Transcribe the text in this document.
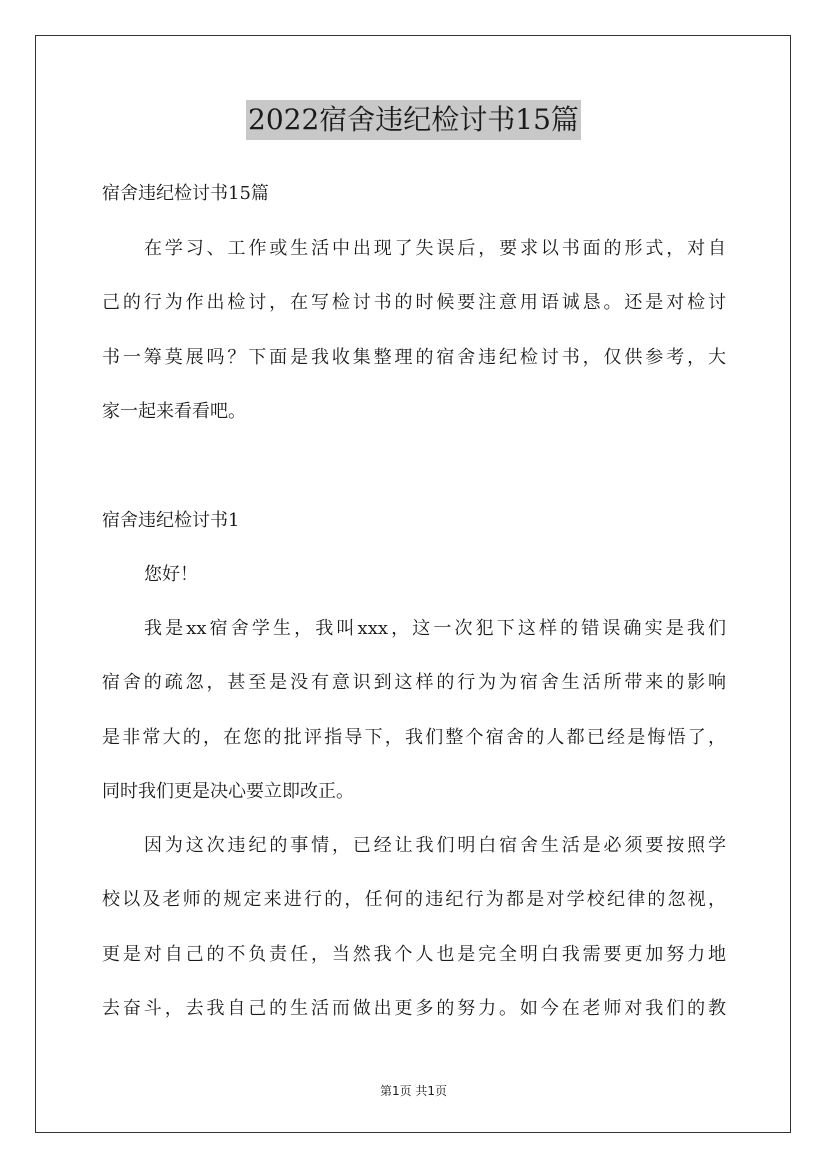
2022宿舍违纪检讨书15篇
宿舍违纪检讨书15篇
在学习、工作或生活中出现了失误后，要求以书面的形式，对自
己的行为作出检讨，在写检讨书的时候要注意用语诚恳。还是对检讨
书一筹莫展吗？下面是我收集整理的宿舍违纪检讨书，仅供参考，大
家一起来看看吧。
宿舍违纪检讨书1
您好！
我是xx宿舍学生，我叫xxx，这一次犯下这样的错误确实是我们
宿舍的疏忽，甚至是没有意识到这样的行为为宿舍生活所带来的影响
是非常大的，在您的批评指导下，我们整个宿舍的人都已经是悔悟了，
同时我们更是决心要立即改正。
因为这次违纪的事情，已经让我们明白宿舍生活是必须要按照学
校以及老师的规定来进行的，任何的违纪行为都是对学校纪律的忽视，
更是对自己的不负责任，当然我个人也是完全明白我需要更加努力地
去奋斗，去我自己的生活而做出更多的努力。如今在老师对我们的教
第1页 共1页
